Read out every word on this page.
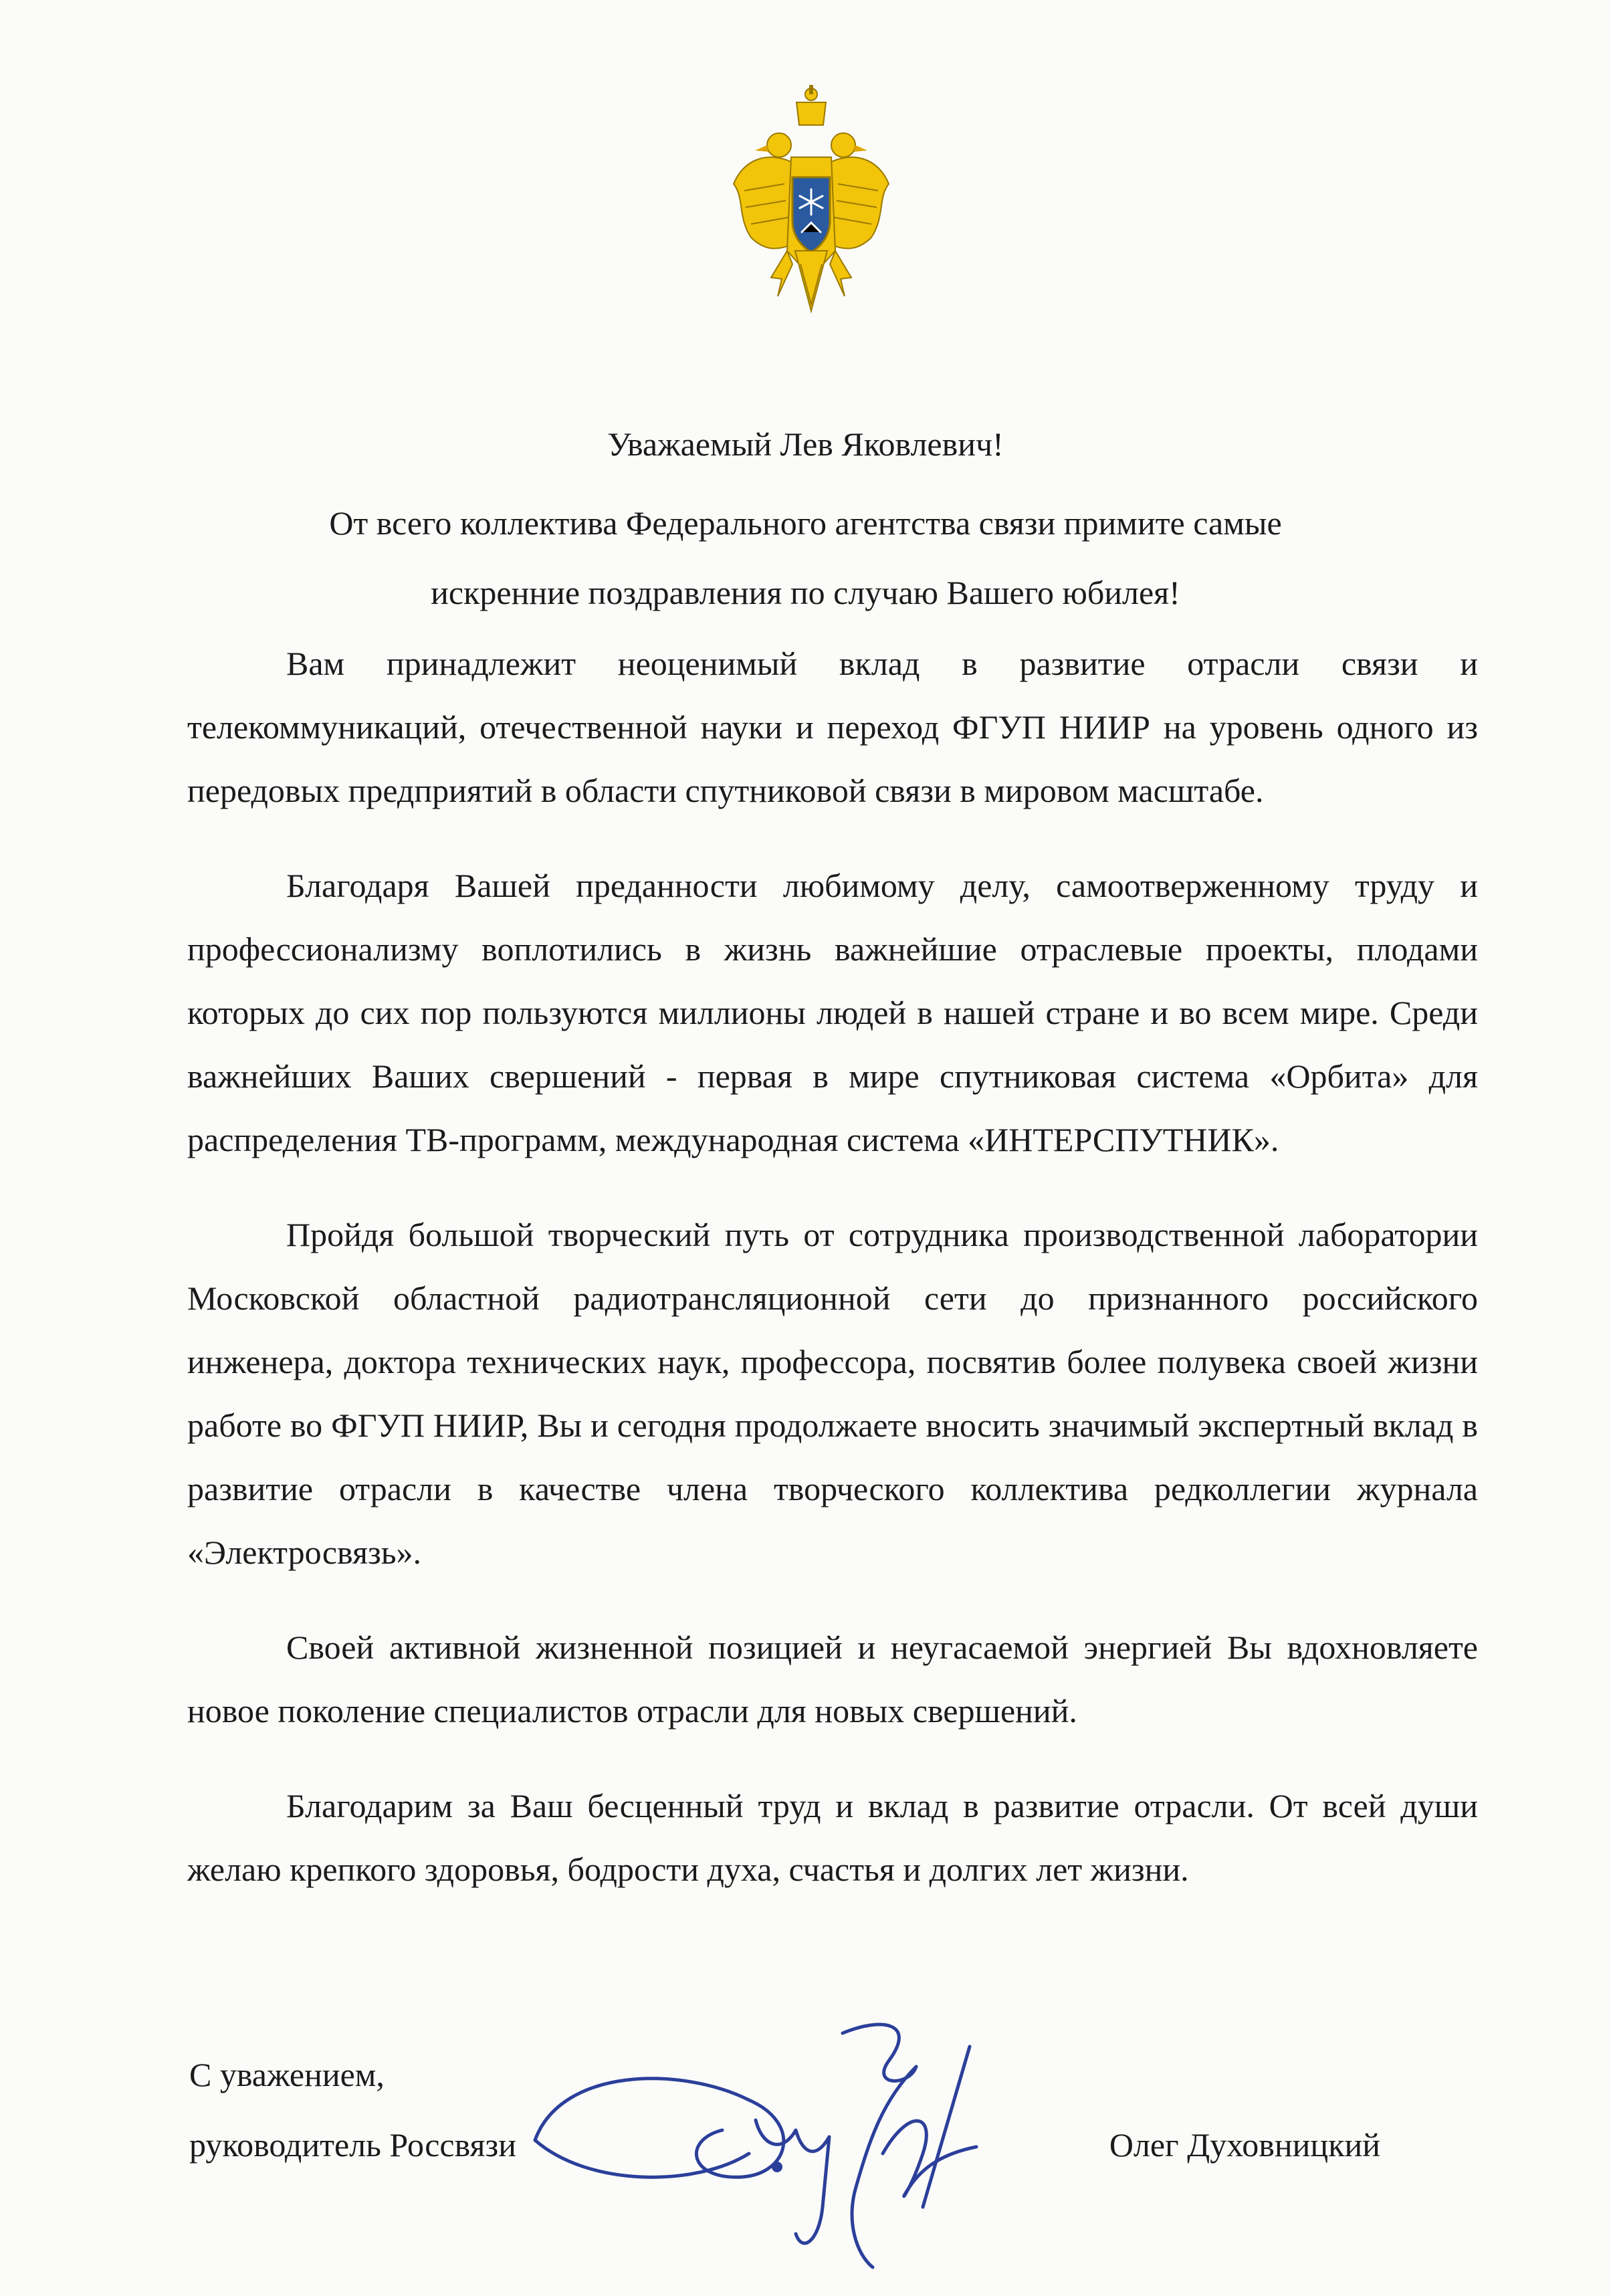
Уважаемый Лев Яковлевич!
От всего коллектива Федерального агентства связи примите самые
искренние поздравления по случаю Вашего юбилея!

Вам принадлежит неоценимый вклад в развитие отрасли связи и телекоммуникаций, отечественной науки и переход ФГУП НИИР на уровень одного из передовых предприятий в области спутниковой связи в мировом масштабе.

Благодаря Вашей преданности любимому делу, самоотверженному труду и профессионализму воплотились в жизнь важнейшие отраслевые проекты, плодами которых до сих пор пользуются миллионы людей в нашей стране и во всем мире. Среди важнейших Ваших свершений - первая в мире спутниковая система «Орбита» для распределения ТВ-программ, международная система «ИНТЕРСПУТНИК».

Пройдя большой творческий путь от сотрудника производственной лаборатории Московской областной радиотрансляционной сети до признанного российского инженера, доктора технических наук, профессора, посвятив более полувека своей жизни работе во ФГУП НИИР, Вы и сегодня продолжаете вносить значимый экспертный вклад в развитие отрасли в качестве члена творческого коллектива редколлегии журнала «Электросвязь».

Своей активной жизненной позицией и неугасаемой энергией Вы вдохновляете новое поколение специалистов отрасли для новых свершений.

Благодарим за Ваш бесценный труд и вклад в развитие отрасли. От всей души желаю крепкого здоровья, бодрости духа, счастья и долгих лет жизни.

С уважением,
руководитель Россвязи	Олег Духовницкий
